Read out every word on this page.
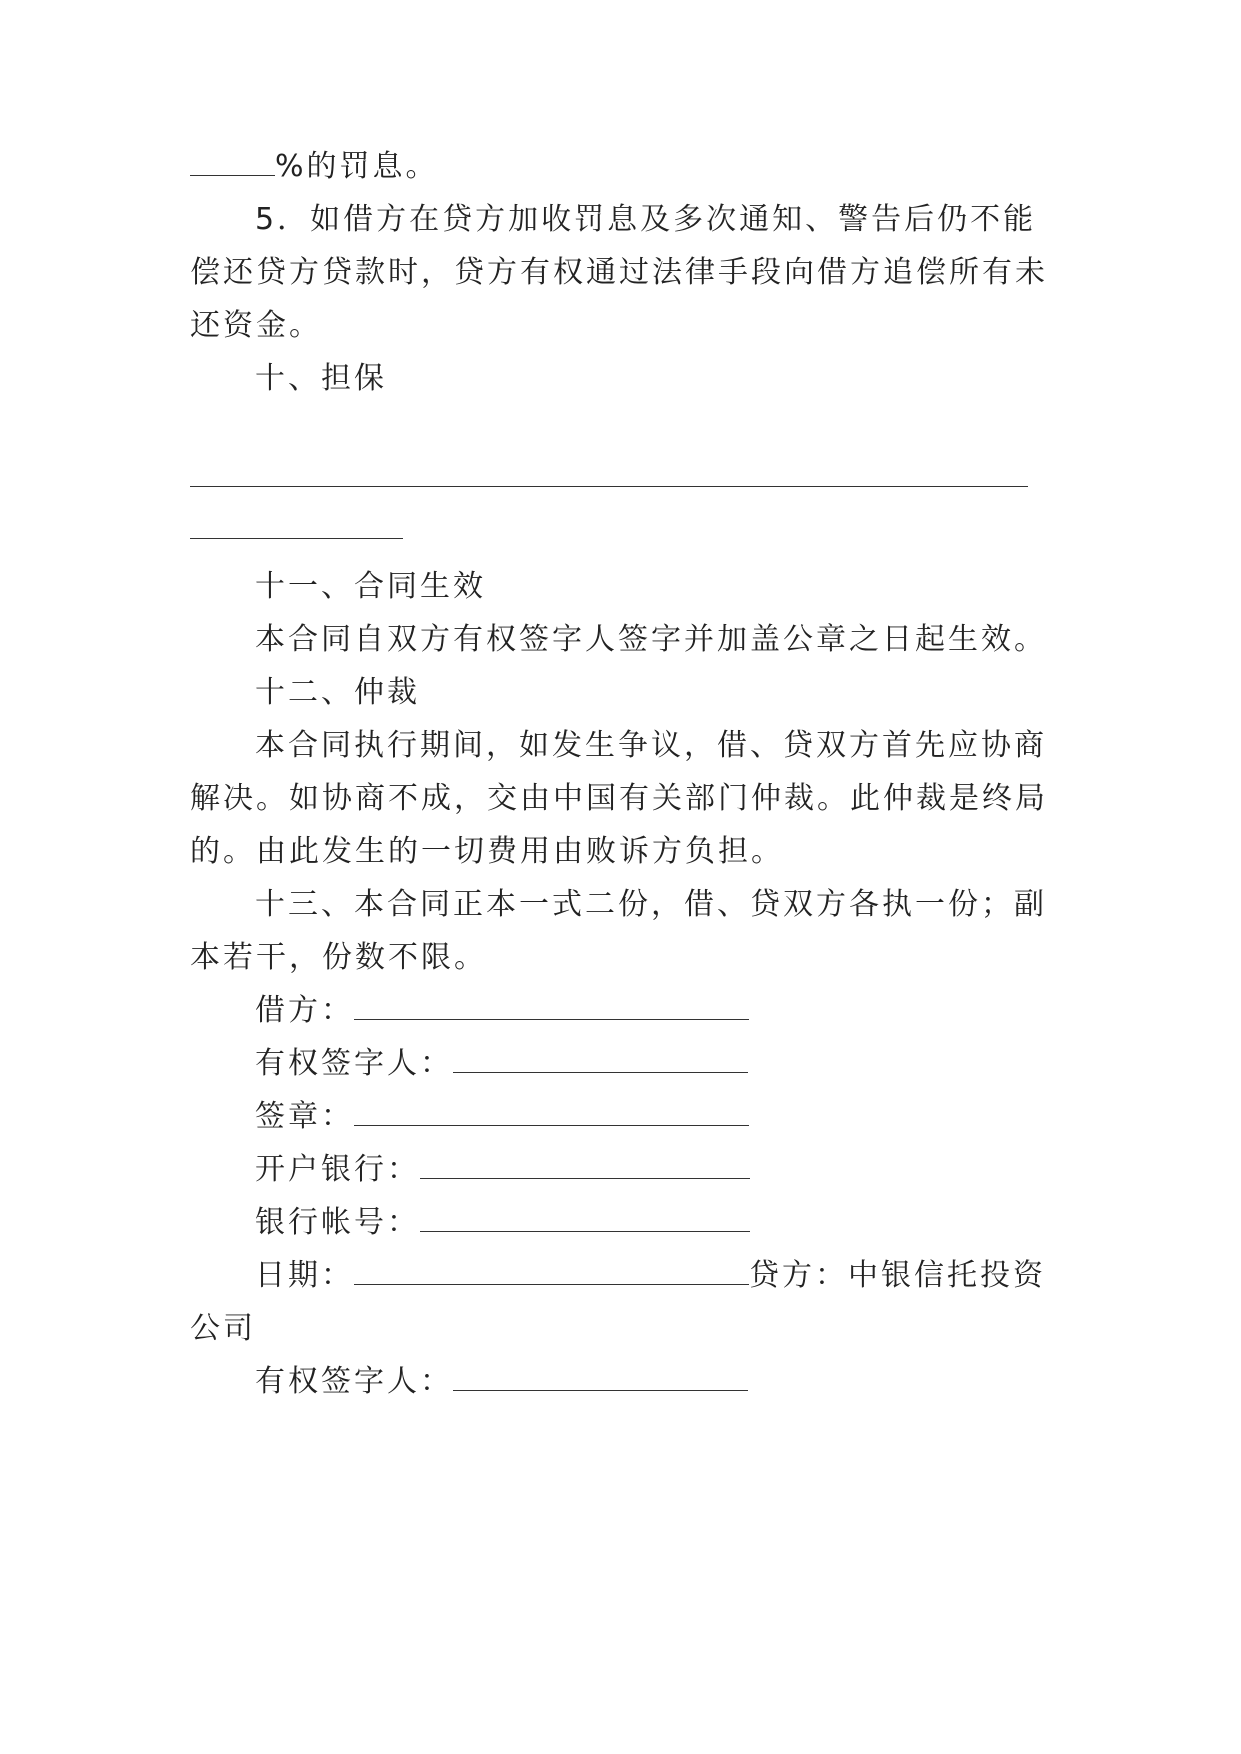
%的罚息。
5．如借方在贷方加收罚息及多次通知、警告后仍不能
偿还贷方贷款时，贷方有权通过法律手段向借方追偿所有未
还资金。
十、担保
十一、合同生效
本合同自双方有权签字人签字并加盖公章之日起生效。
十二、仲裁
本合同执行期间，如发生争议，借、贷双方首先应协商
解决。如协商不成，交由中国有关部门仲裁。此仲裁是终局
的。由此发生的一切费用由败诉方负担。
十三、本合同正本一式二份，借、贷双方各执一份；副
本若干，份数不限。
借方：
有权签字人：
签章：
开户银行：
银行帐号：
日期：	贷方：中银信托投资
公司
有权签字人：
